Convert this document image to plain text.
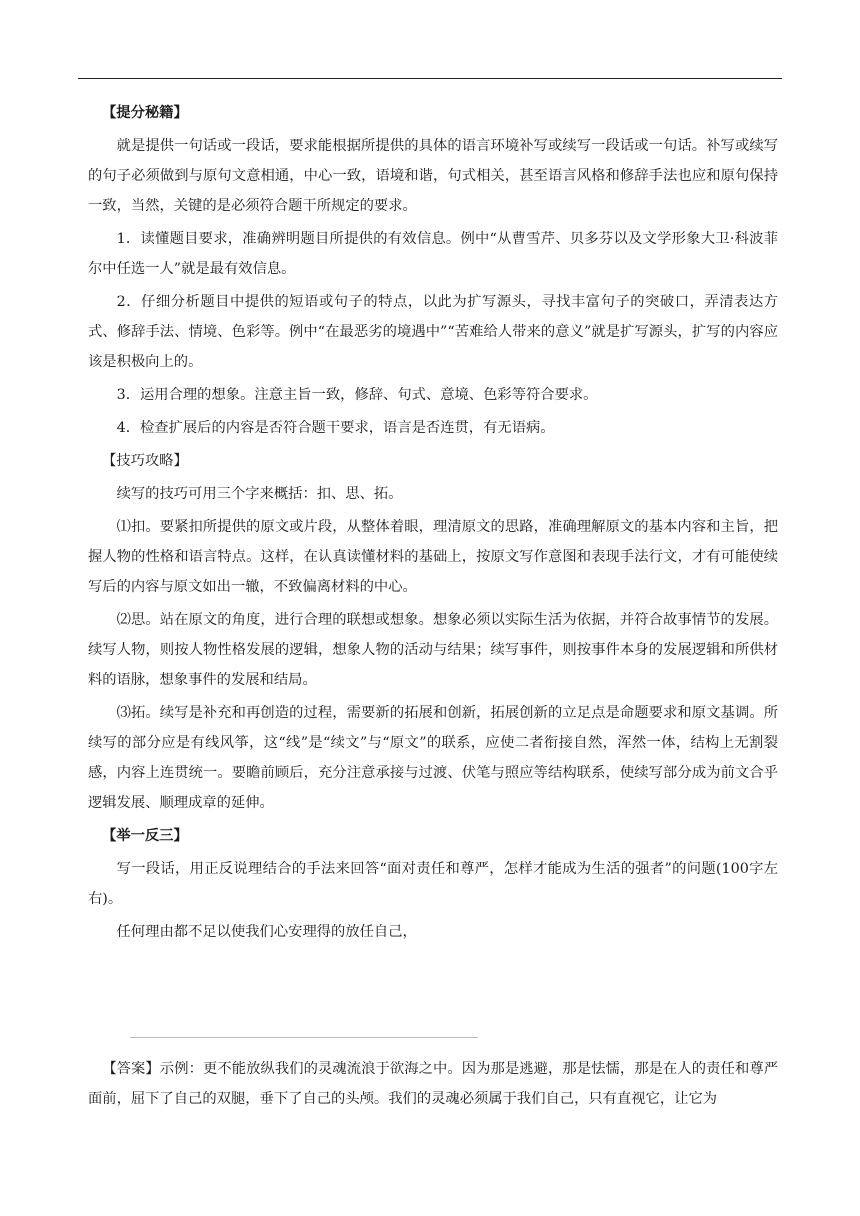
【提分秘籍】

就是提供一句话或一段话，要求能根据所提供的具体的语言环境补写或续写一段话或一句话。补写或续写的句子必须做到与原句文意相通，中心一致，语境和谐，句式相关，甚至语言风格和修辞手法也应和原句保持一致，当然，关键的是必须符合题干所规定的要求。

1．读懂题目要求，准确辨明题目所提供的有效信息。例中“从曹雪芹、贝多芬以及文学形象大卫·科波菲尔中任选一人”就是最有效信息。

2．仔细分析题目中提供的短语或句子的特点，以此为扩写源头，寻找丰富句子的突破口，弄清表达方式、修辞手法、情境、色彩等。例中“在最恶劣的境遇中”“苦难给人带来的意义”就是扩写源头，扩写的内容应该是积极向上的。

3．运用合理的想象。注意主旨一致，修辞、句式、意境、色彩等符合要求。

4．检查扩展后的内容是否符合题干要求，语言是否连贯，有无语病。

【技巧攻略】

续写的技巧可用三个字来概括：扣、思、拓。

⑴扣。要紧扣所提供的原文或片段，从整体着眼，理清原文的思路，准确理解原文的基本内容和主旨，把握人物的性格和语言特点。这样，在认真读懂材料的基础上，按原文写作意图和表现手法行文，才有可能使续写后的内容与原文如出一辙，不致偏离材料的中心。

⑵思。站在原文的角度，进行合理的联想或想象。想象必须以实际生活为依据，并符合故事情节的发展。续写人物，则按人物性格发展的逻辑，想象人物的活动与结果；续写事件，则按事件本身的发展逻辑和所供材料的语脉，想象事件的发展和结局。

⑶拓。续写是补充和再创造的过程，需要新的拓展和创新，拓展创新的立足点是命题要求和原文基调。所续写的部分应是有线风筝，这“线”是“续文”与“原文”的联系，应使二者衔接自然，浑然一体，结构上无割裂感，内容上连贯统一。要瞻前顾后，充分注意承接与过渡、伏笔与照应等结构联系，使续写部分成为前文合乎逻辑发展、顺理成章的延伸。

【举一反三】

写一段话，用正反说理结合的手法来回答“面对责任和尊严，怎样才能成为生活的强者”的问题(100字左右)。

任何理由都不足以使我们心安理得的放任自己，

【答案】示例：更不能放纵我们的灵魂流浪于欲海之中。因为那是逃避，那是怯懦，那是在人的责任和尊严面前，屈下了自己的双腿，垂下了自己的头颅。我们的灵魂必须属于我们自己，只有直视它，让它为
